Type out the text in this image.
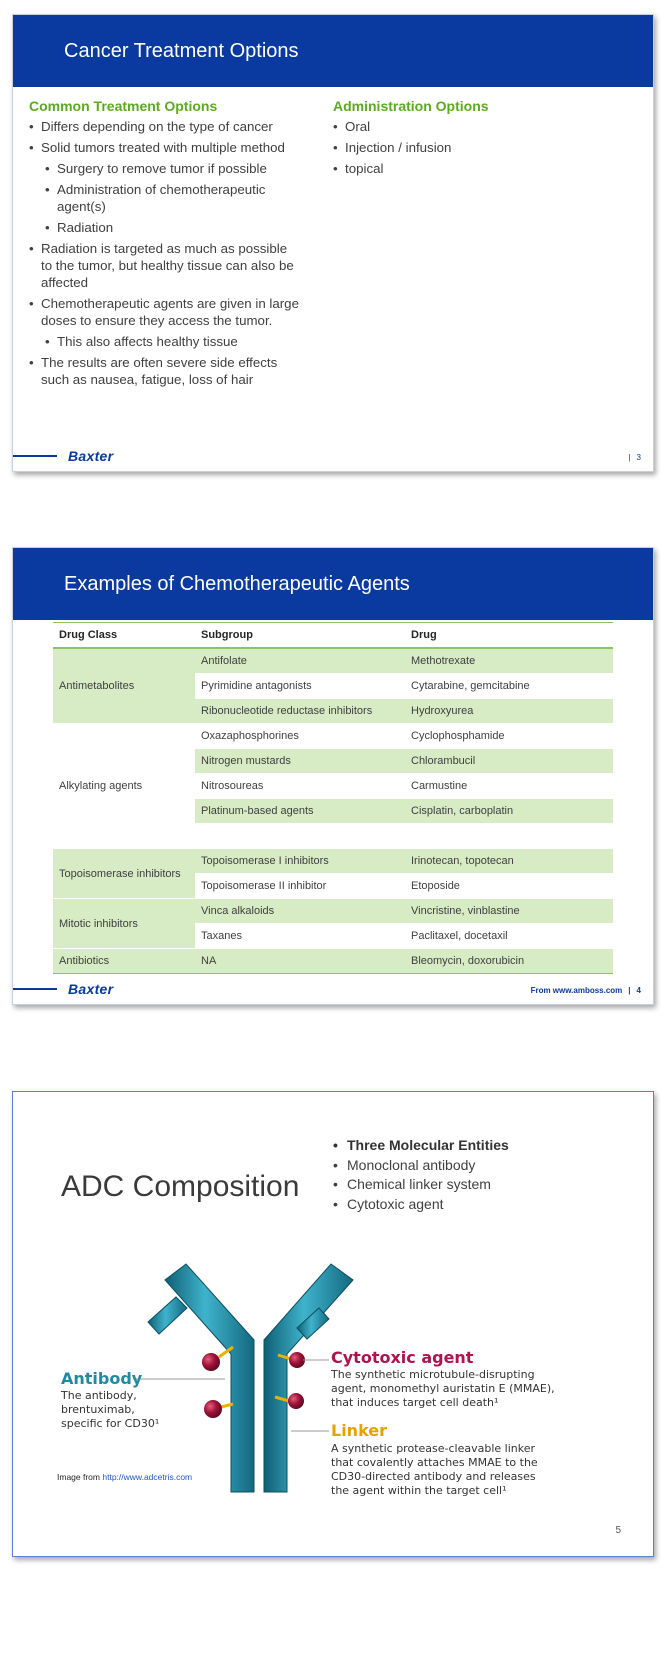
Cancer Treatment Options
Common Treatment Options
• Differs depending on the type of cancer
• Solid tumors treated with multiple method
• Surgery to remove tumor if possible
• Administration of chemotherapeutic agent(s)
• Radiation
• Radiation is targeted as much as possible to the tumor, but healthy tissue can also be affected
• Chemotherapeutic agents are given in large doses to ensure they access the tumor.
• This also affects healthy tissue
• The results are often severe side effects such as nausea, fatigue, loss of hair
Administration Options
• Oral
• Injection / infusion
• topical
Baxter	| 3
Examples of Chemotherapeutic Agents
Drug Class	Subgroup	Drug
Antimetabolites	Antifolate	Methotrexate
	Pyrimidine antagonists	Cytarabine, gemcitabine
	Ribonucleotide reductase inhibitors	Hydroxyurea
Alkylating agents	Oxazaphosphorines	Cyclophosphamide
	Nitrogen mustards	Chlorambucil
	Nitrosoureas	Carmustine
	Platinum-based agents	Cisplatin, carboplatin

Topoisomerase inhibitors	Topoisomerase I inhibitors	Irinotecan, topotecan
	Topoisomerase II inhibitor	Etoposide
Mitotic inhibitors	Vinca alkaloids	Vincristine, vinblastine
	Taxanes	Paclitaxel, docetaxil
Antibiotics	NA	Bleomycin, doxorubicin
Baxter	From www.amboss.com | 4
ADC Composition
• Three Molecular Entities
• Monoclonal antibody
• Chemical linker system
• Cytotoxic agent
Antibody
The antibody,
brentuximab,
specific for CD30¹
Cytotoxic agent
The synthetic microtubule-disrupting
agent, monomethyl auristatin E (MMAE),
that induces target cell death¹
Linker
A synthetic protease-cleavable linker
that covalently attaches MMAE to the
CD30-directed antibody and releases
the agent within the target cell¹
Image from http://www.adcetris.com
5
